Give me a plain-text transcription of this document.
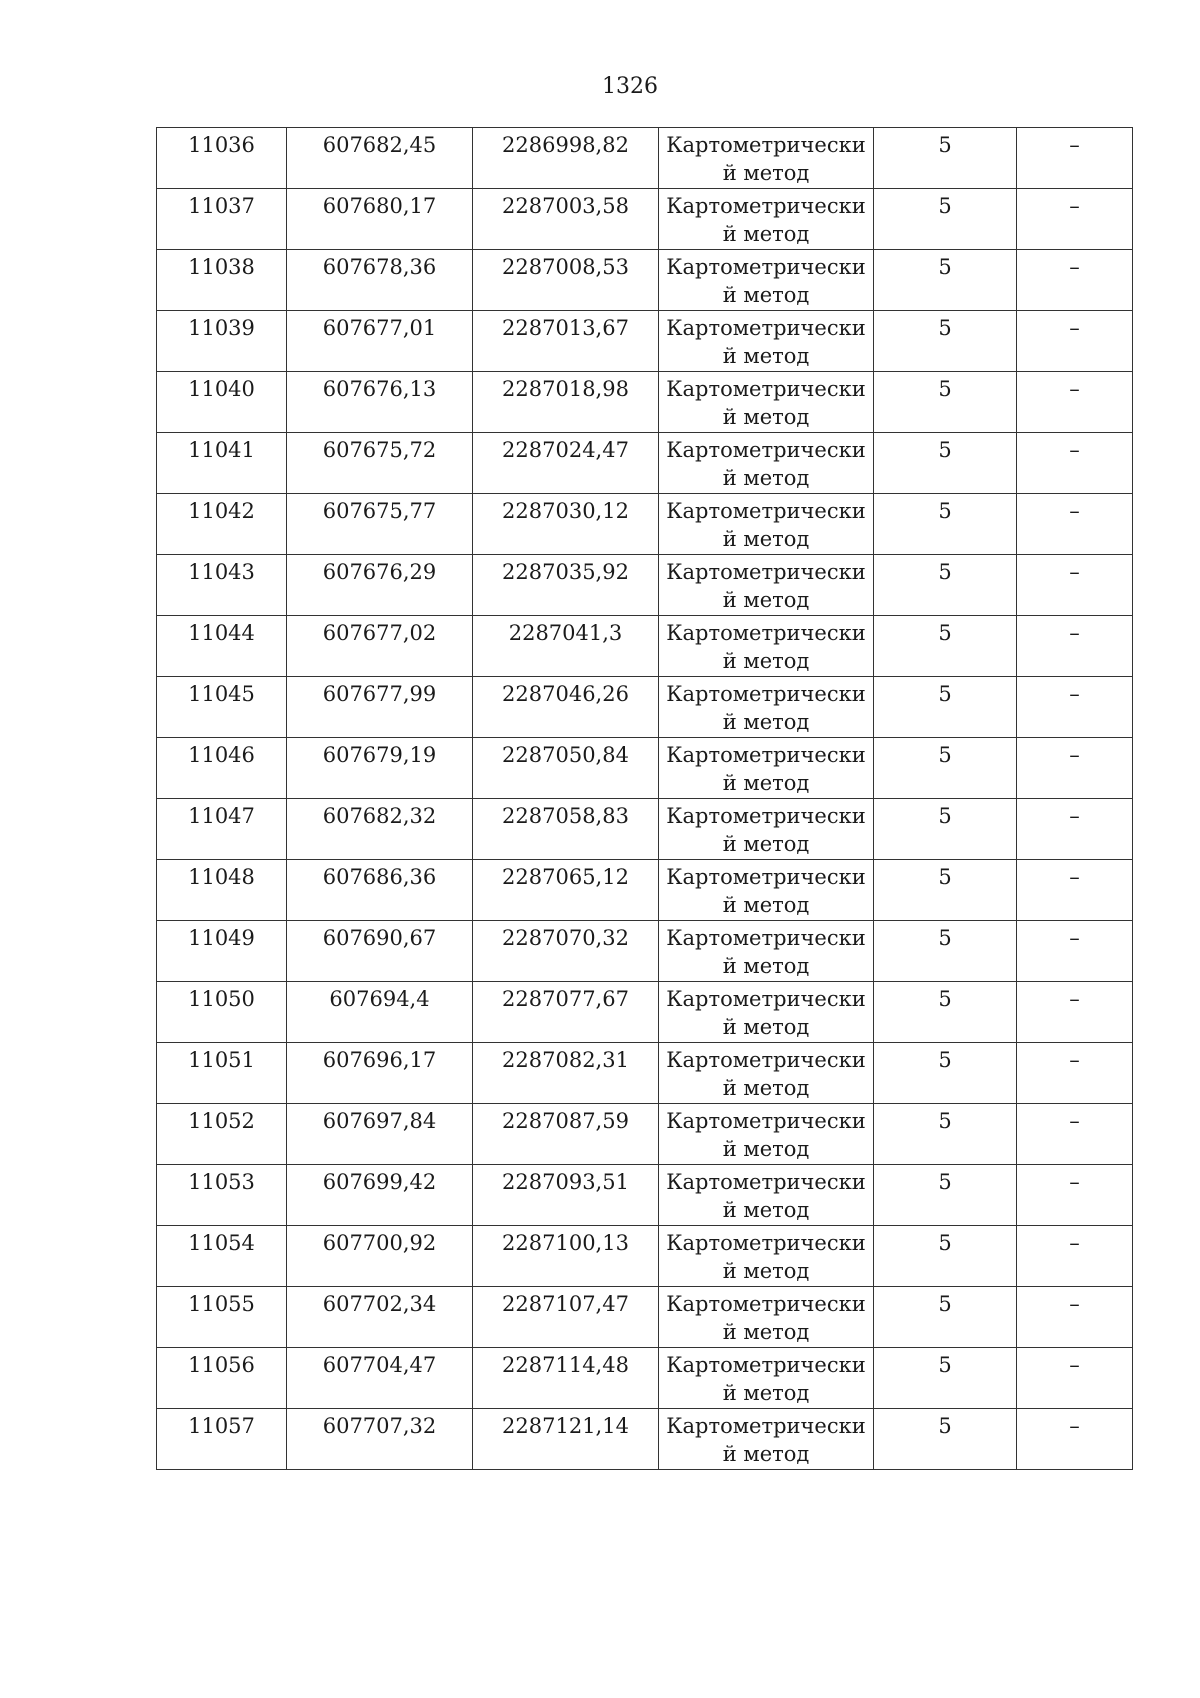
1326
11036	607682,45	2286998,82	Картометрически й метод	5	–

11037	607680,17	2287003,58	Картометрически й метод	5	–

11038	607678,36	2287008,53	Картометрически й метод	5	–

11039	607677,01	2287013,67	Картометрически й метод	5	–

11040	607676,13	2287018,98	Картометрически й метод	5	–

11041	607675,72	2287024,47	Картометрически й метод	5	–

11042	607675,77	2287030,12	Картометрически й метод	5	–

11043	607676,29	2287035,92	Картометрически й метод	5	–

11044	607677,02	2287041,3	Картометрически й метод	5	–

11045	607677,99	2287046,26	Картометрически й метод	5	–

11046	607679,19	2287050,84	Картометрически й метод	5	–

11047	607682,32	2287058,83	Картометрически й метод	5	–

11048	607686,36	2287065,12	Картометрически й метод	5	–

11049	607690,67	2287070,32	Картометрически й метод	5	–

11050	607694,4	2287077,67	Картометрически й метод	5	–

11051	607696,17	2287082,31	Картометрически й метод	5	–

11052	607697,84	2287087,59	Картометрически й метод	5	–

11053	607699,42	2287093,51	Картометрически й метод	5	–

11054	607700,92	2287100,13	Картометрически й метод	5	–

11055	607702,34	2287107,47	Картометрически й метод	5	–

11056	607704,47	2287114,48	Картометрически й метод	5	–

11057	607707,32	2287121,14	Картометрически й метод	5	–
